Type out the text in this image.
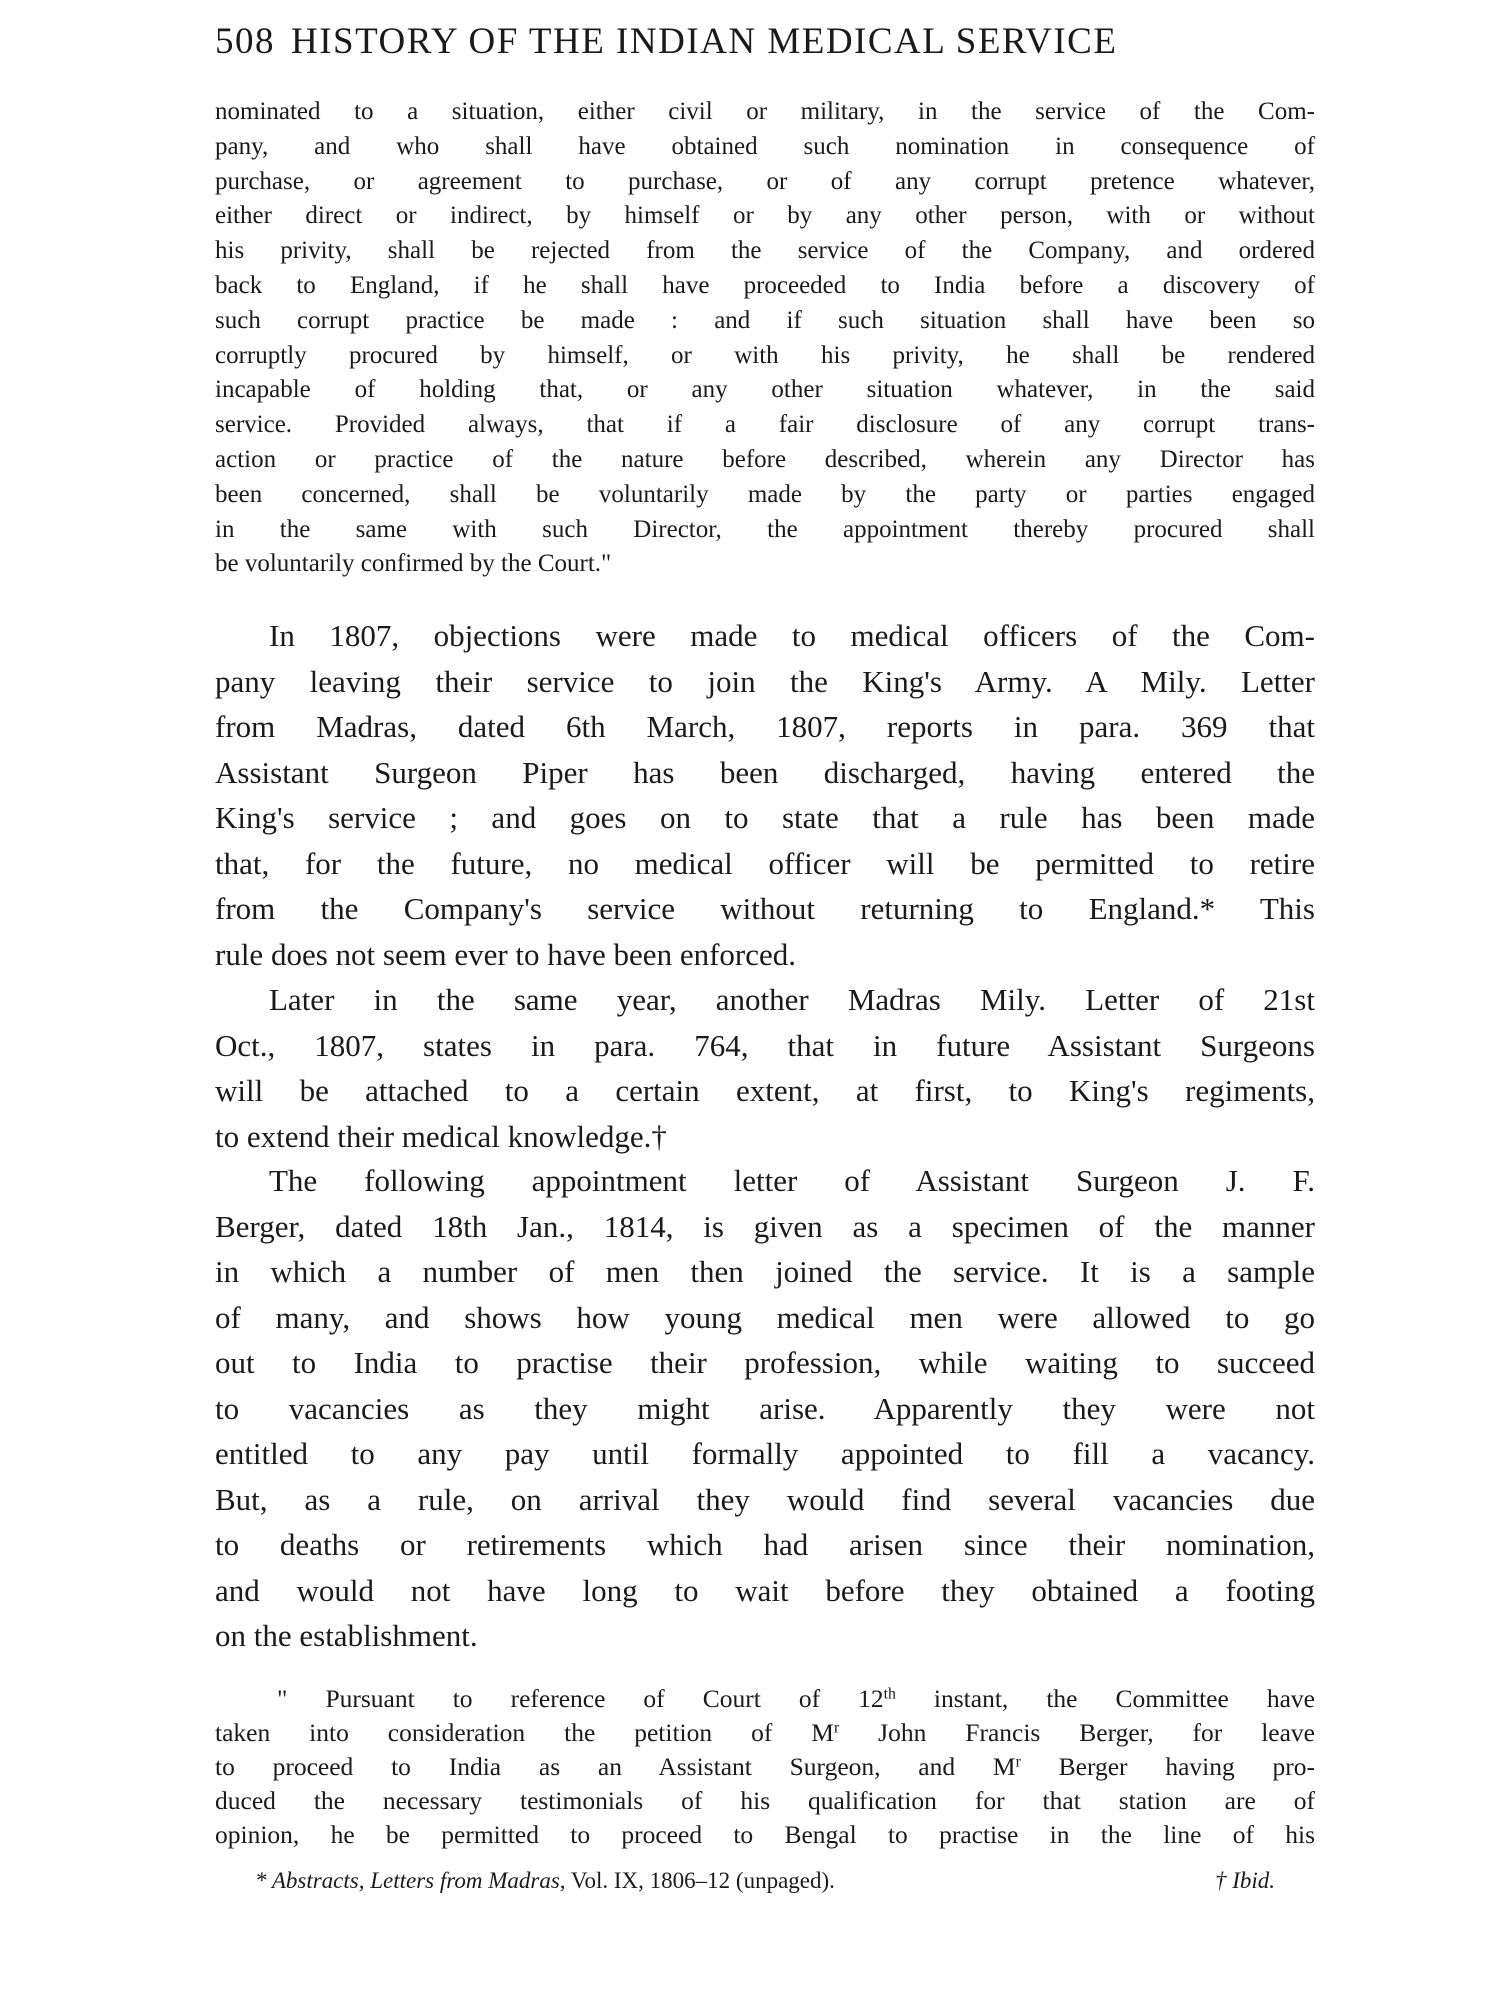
508 HISTORY OF THE INDIAN MEDICAL SERVICE
nominated to a situation, either civil or military, in the service of the Com-
pany, and who shall have obtained such nomination in consequence of
purchase, or agreement to purchase, or of any corrupt pretence whatever,
either direct or indirect, by himself or by any other person, with or without
his privity, shall be rejected from the service of the Company, and ordered
back to England, if he shall have proceeded to India before a discovery of
such corrupt practice be made : and if such situation shall have been so
corruptly procured by himself, or with his privity, he shall be rendered
incapable of holding that, or any other situation whatever, in the said
service. Provided always, that if a fair disclosure of any corrupt trans-
action or practice of the nature before described, wherein any Director has
been concerned, shall be voluntarily made by the party or parties engaged
in the same with such Director, the appointment thereby procured shall
be voluntarily confirmed by the Court."
In 1807, objections were made to medical officers of the Com-
pany leaving their service to join the King's Army. A Mily. Letter
from Madras, dated 6th March, 1807, reports in para. 369 that
Assistant Surgeon Piper has been discharged, having entered the
King's service ; and goes on to state that a rule has been made
that, for the future, no medical officer will be permitted to retire
from the Company's service without returning to England.* This
rule does not seem ever to have been enforced.
Later in the same year, another Madras Mily. Letter of 21st
Oct., 1807, states in para. 764, that in future Assistant Surgeons
will be attached to a certain extent, at first, to King's regiments,
to extend their medical knowledge.†
The following appointment letter of Assistant Surgeon J. F.
Berger, dated 18th Jan., 1814, is given as a specimen of the manner
in which a number of men then joined the service. It is a sample
of many, and shows how young medical men were allowed to go
out to India to practise their profession, while waiting to succeed
to vacancies as they might arise. Apparently they were not
entitled to any pay until formally appointed to fill a vacancy.
But, as a rule, on arrival they would find several vacancies due
to deaths or retirements which had arisen since their nomination,
and would not have long to wait before they obtained a footing
on the establishment.
" Pursuant to reference of Court of 12th instant, the Committee have
taken into consideration the petition of $M^r$ John Francis Berger, for leave
to proceed to India as an Assistant Surgeon, and $M^r$ Berger having pro-
duced the necessary testimonials of his qualification for that station are of
opinion, he be permitted to proceed to Bengal to practise in the line of his
* Abstracts, Letters from Madras, Vol. IX, 1806–12 (unpaged).	† Ibid.
